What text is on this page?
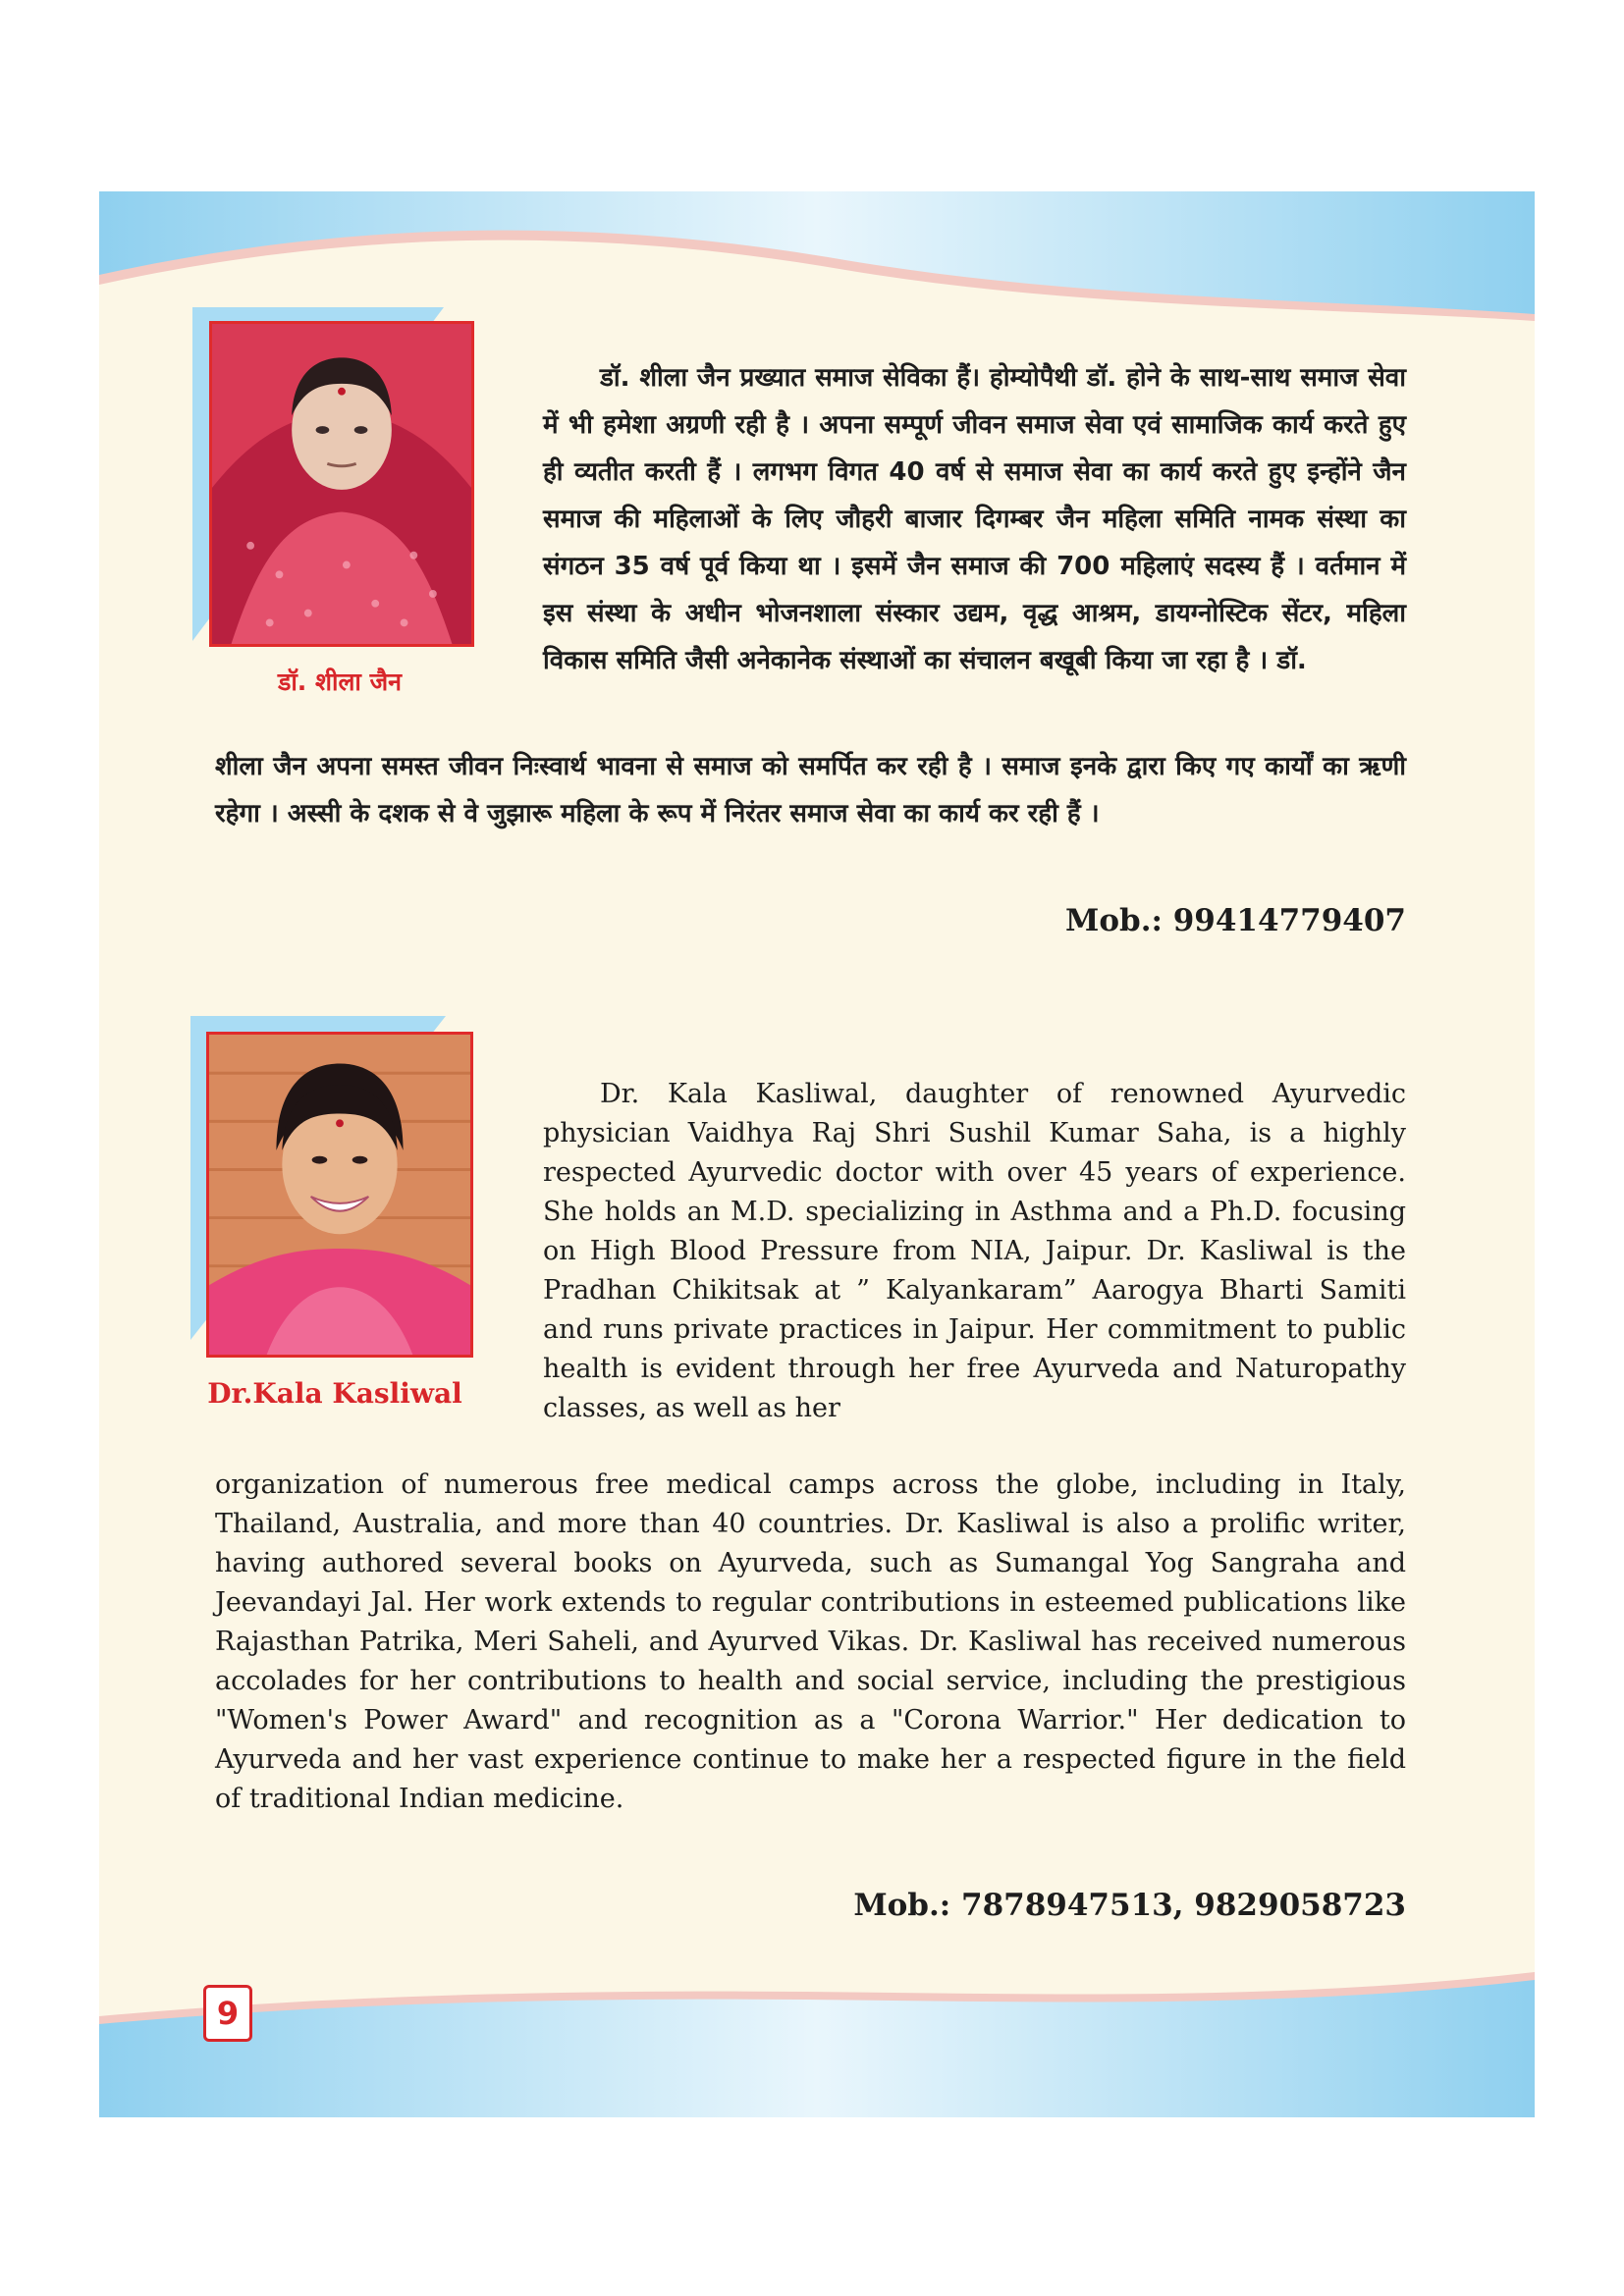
डॉ. शीला जैन

डॉ. शीला जैन प्रख्यात समाज सेविका हैं। होम्योपैथी डॉ. होने के साथ-साथ समाज सेवा में भी हमेशा अग्रणी रही है । अपना सम्पूर्ण जीवन समाज सेवा एवं सामाजिक कार्य करते हुए ही व्यतीत करती हैं । लगभग विगत 40 वर्ष से समाज सेवा का कार्य करते हुए इन्होंने जैन समाज की महिलाओं के लिए जौहरी बाजार दिगम्बर जैन महिला समिति नामक संस्था का संगठन 35 वर्ष पूर्व किया था । इसमें जैन समाज की 700 महिलाएं सदस्य हैं । वर्तमान में इस संस्था के अधीन भोजनशाला संस्कार उद्यम, वृद्ध आश्रम, डायग्नोस्टिक सेंटर, महिला विकास समिति जैसी अनेकानेक संस्थाओं का संचालन बखूबी किया जा रहा है । डॉ.

शीला जैन अपना समस्त जीवन निःस्वार्थ भावना से समाज को समर्पित कर रही है । समाज इनके द्वारा किए गए कार्यों का ऋणी रहेगा । अस्सी के दशक से वे जुझारू महिला के रूप में निरंतर समाज सेवा का कार्य कर रही हैं ।

Mob.: 99414779407
Dr.Kala Kasliwal

Dr. Kala Kasliwal, daughter of renowned Ayurvedic physician Vaidhya Raj Shri Sushil Kumar Saha, is a highly respected Ayurvedic doctor with over 45 years of experience. She holds an M.D. specializing in Asthma and a Ph.D. focusing on High Blood Pressure from NIA, Jaipur. Dr. Kasliwal is the Pradhan Chikitsak at ” Kalyankaram” Aarogya Bharti Samiti and runs private practices in Jaipur. Her commitment to public health is evident through her free Ayurveda and Naturopathy classes, as well as her

organization of numerous free medical camps across the globe, including in Italy, Thailand, Australia, and more than 40 countries. Dr. Kasliwal is also a prolific writer, having authored several books on Ayurveda, such as Sumangal Yog Sangraha and Jeevandayi Jal. Her work extends to regular contributions in esteemed publications like Rajasthan Patrika, Meri Saheli, and Ayurved Vikas. Dr. Kasliwal has received numerous accolades for her contributions to health and social service, including the prestigious "Women's Power Award" and recognition as a "Corona Warrior." Her dedication to Ayurveda and her vast experience continue to make her a respected figure in the field of traditional Indian medicine.

Mob.: 7878947513, 9829058723
9
